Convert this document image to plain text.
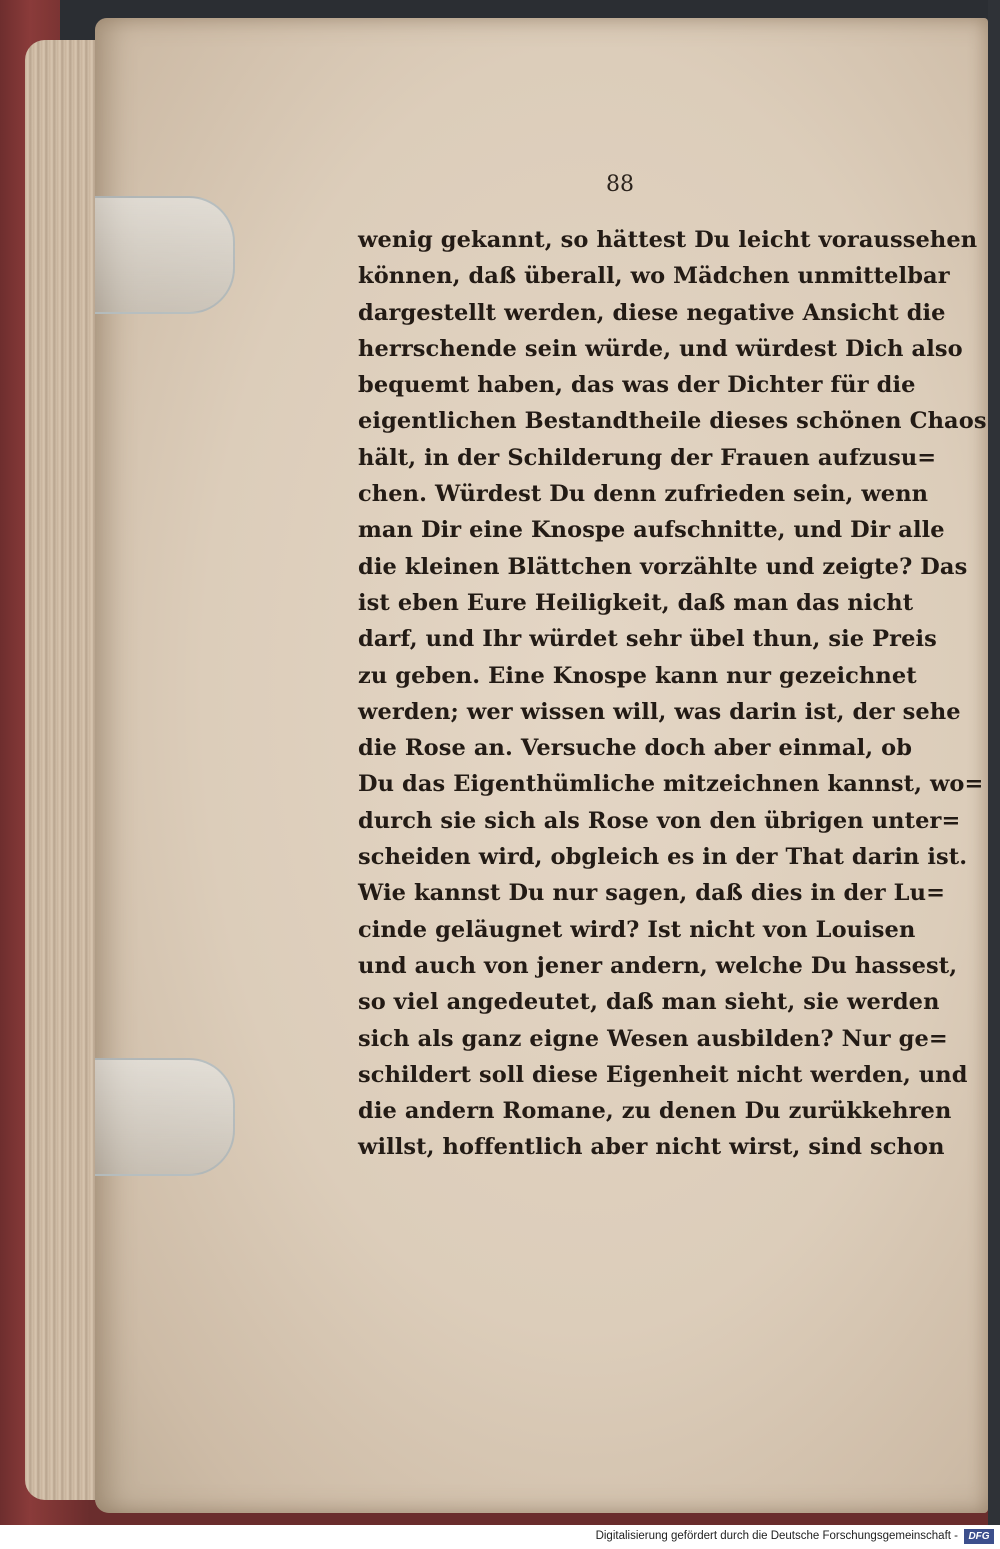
88

wenig gekannt, so hättest Du leicht voraussehen
können, daß überall, wo Mädchen unmittelbar
dargestellt werden, diese negative Ansicht die
herrschende sein würde, und würdest Dich also
bequemt haben, das was der Dichter für die
eigentlichen Bestandtheile dieses schönen Chaos
hält, in der Schilderung der Frauen aufzusu=
chen. Würdest Du denn zufrieden sein, wenn
man Dir eine Knospe aufschnitte, und Dir alle
die kleinen Blättchen vorzählte und zeigte? Das
ist eben Eure Heiligkeit, daß man das nicht
darf, und Ihr würdet sehr übel thun, sie Preis
zu geben. Eine Knospe kann nur gezeichnet
werden; wer wissen will, was darin ist, der sehe
die Rose an. Versuche doch aber einmal, ob
Du das Eigenthümliche mitzeichnen kannst, wo=
durch sie sich als Rose von den übrigen unter=
scheiden wird, obgleich es in der That darin ist.
Wie kannst Du nur sagen, daß dies in der Lu=
cinde geläugnet wird? Ist nicht von Louisen
und auch von jener andern, welche Du hassest,
so viel angedeutet, daß man sieht, sie werden
sich als ganz eigne Wesen ausbilden? Nur ge=
schildert soll diese Eigenheit nicht werden, und
die andern Romane, zu denen Du zurükkehren
willst, hoffentlich aber nicht wirst, sind schon
Digitalisierung gefördert durch die Deutsche Forschungsgemeinschaft -	DFG
